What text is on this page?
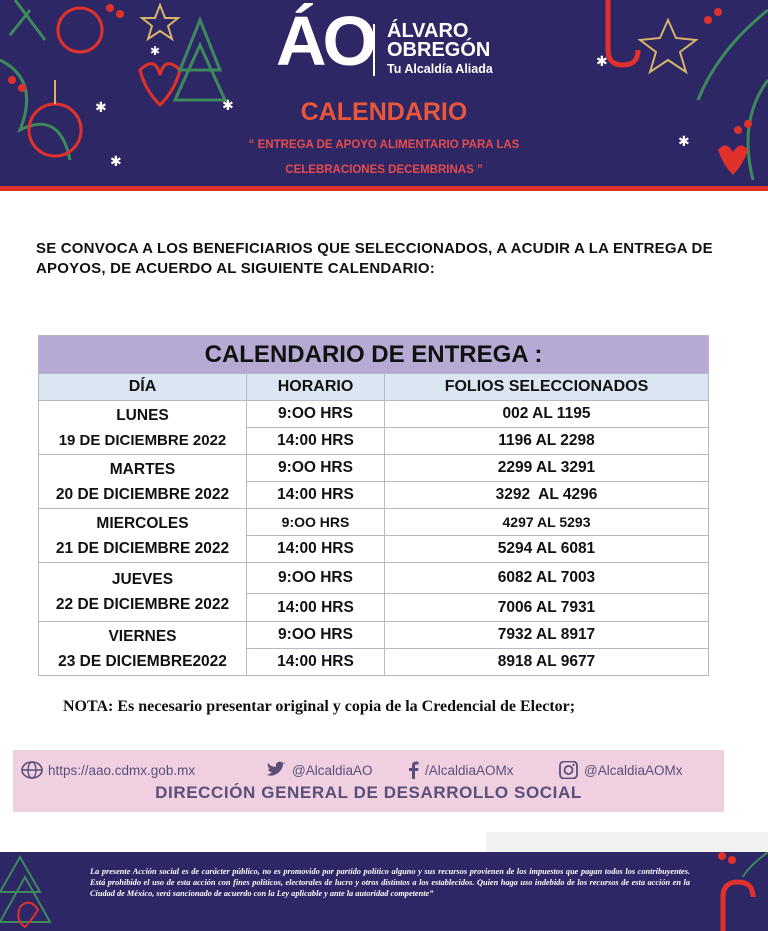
✱
✱
✱
✱
✱
✱
ÁO ÁLVARO
OBREGÓN
Tu Alcaldía Aliada
CALENDARIO
“ ENTREGA DE APOYO ALIMENTARIO PARA LAS
CELEBRACIONES DECEMBRINAS ”
SE CONVOCA A LOS BENEFICIARIOS QUE SELECCIONADOS, A ACUDIR A LA ENTREGA DE APOYOS, DE ACUERDO AL SIGUIENTE CALENDARIO:
CALENDARIO DE ENTREGA :		
DÍA	HORARIO	FOLIOS SELECCIONADOS

LUNES
19 DE DICIEMBRE 2022	9:OO HRS	002 AL 1195
	14:00 HRS	1196 AL 2298

MARTES
20 DE DICIEMBRE 2022	9:OO HRS	2299 AL 3291
	14:00 HRS	3292  AL 4296

MIERCOLES
21 DE DICIEMBRE 2022	9:OO HRS	4297 AL 5293
	14:00 HRS	5294 AL 6081

JUEVES
22 DE DICIEMBRE 2022	9:OO HRS	6082 AL 7003
	14:00 HRS	7006 AL 7931

VIERNES
23 DE DICIEMBRE2022	9:OO HRS	7932 AL 8917
	14:00 HRS	8918 AL 9677
NOTA: Es necesario presentar original y copia de la Credencial de Elector;
https://aao.cdmx.gob.mx	@AlcaldiaAO	/AlcaldiaAOMx	@AlcaldiaAOMx
DIRECCIÓN GENERAL DE DESARROLLO SOCIAL
La presente Acción social es de carácter público, no es promovido por partido político alguno y sus recursos provienen de los impuestos que pagan todos los contribuyentes. Está prohibido el uso de esta acción con fines políticos, electorales de lucro y otros distintos a los establecidos. Quien haga uso indebido de los recursos de esta acción en la Ciudad de México, será sancionado de acuerdo con la Ley aplicable y ante la autoridad competente”
